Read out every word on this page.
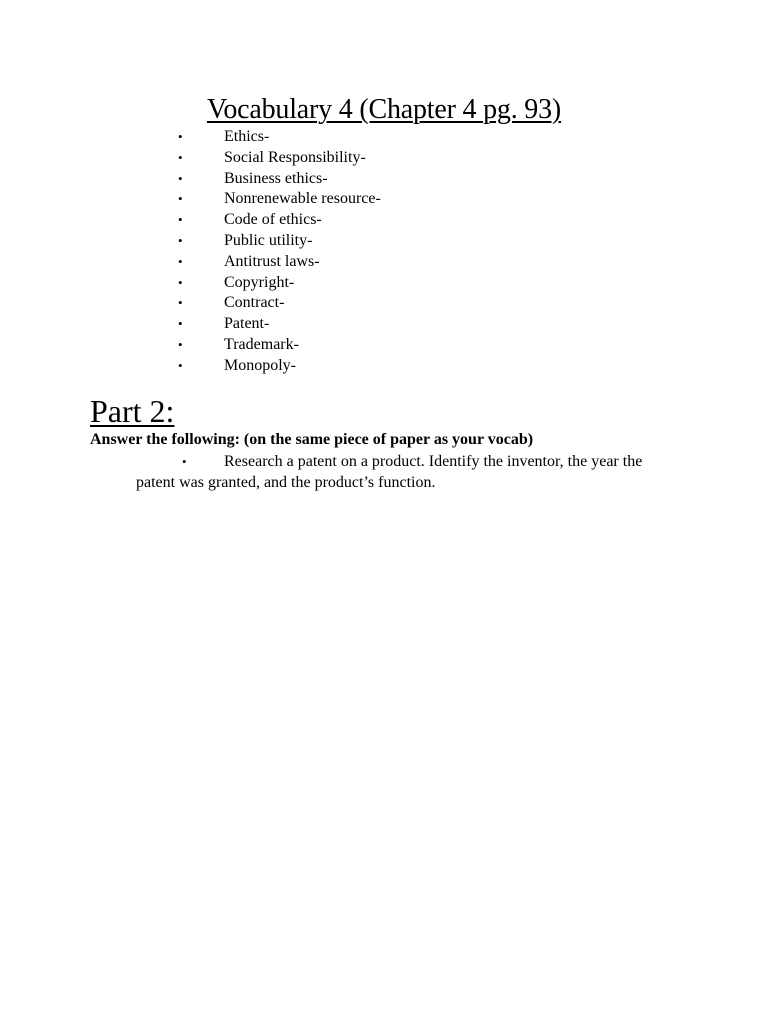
Vocabulary 4 (Chapter 4 pg. 93)
•	Ethics-
•	Social Responsibility-
•	Business ethics-
•	Nonrenewable resource-
•	Code of ethics-
•	Public utility-
•	Antitrust laws-
•	Copyright-
•	Contract-
•	Patent-
•	Trademark-
•	Monopoly-
Part 2:
Answer the following: (on the same piece of paper as your vocab)
•	Research a patent on a product. Identify the inventor, the year the patent was granted, and the product’s function.
